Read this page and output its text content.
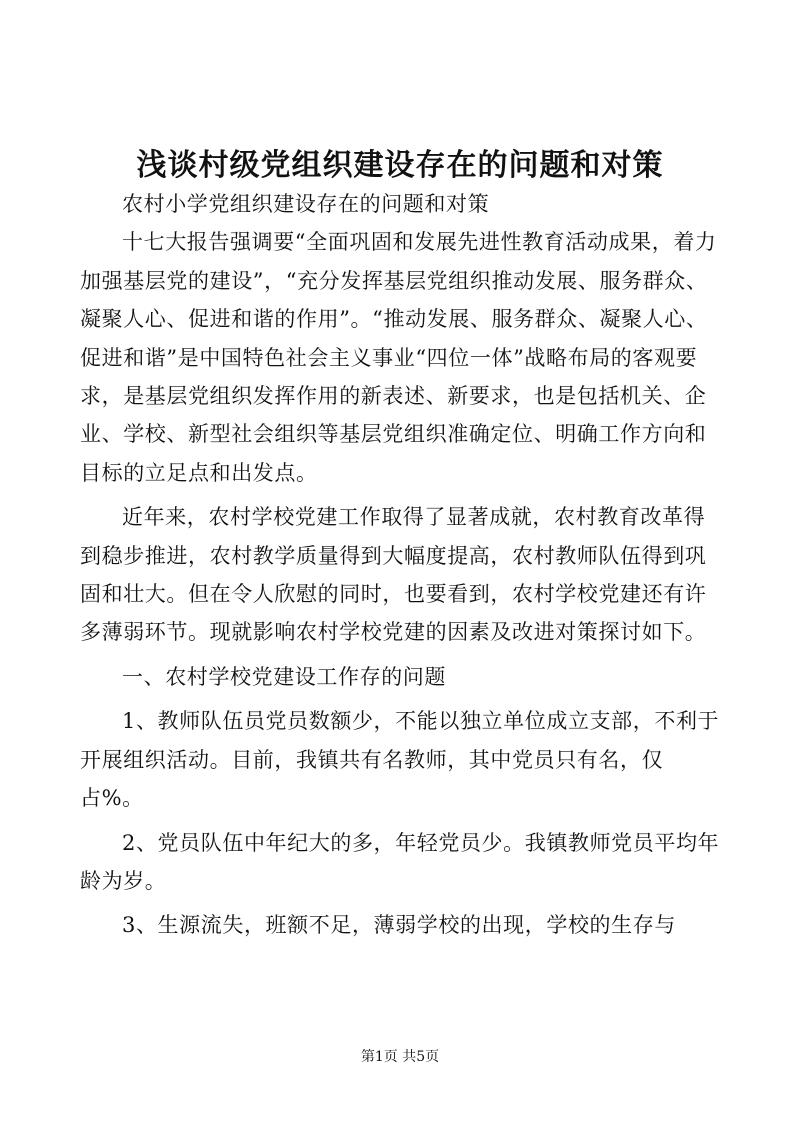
浅谈村级党组织建设存在的问题和对策

农村小学党组织建设存在的问题和对策

十七大报告强调要“全面巩固和发展先进性教育活动成果，着力加强基层党的建设”，“充分发挥基层党组织推动发展、服务群众、凝聚人心、促进和谐的作用”。“推动发展、服务群众、凝聚人心、促进和谐”是中国特色社会主义事业“四位一体”战略布局的客观要求，是基层党组织发挥作用的新表述、新要求，也是包括机关、企业、学校、新型社会组织等基层党组织准确定位、明确工作方向和目标的立足点和出发点。

近年来，农村学校党建工作取得了显著成就，农村教育改革得到稳步推进，农村教学质量得到大幅度提高，农村教师队伍得到巩固和壮大。但在令人欣慰的同时，也要看到，农村学校党建还有许多薄弱环节。现就影响农村学校党建的因素及改进对策探讨如下。

一、农村学校党建设工作存的问题

1、教师队伍员党员数额少，不能以独立单位成立支部，不利于开展组织活动。目前，我镇共有名教师，其中党员只有名，仅占%。

2、党员队伍中年纪大的多，年轻党员少。我镇教师党员平均年龄为岁。

3、生源流失，班额不足，薄弱学校的出现，学校的生存与

第1页 共5页
